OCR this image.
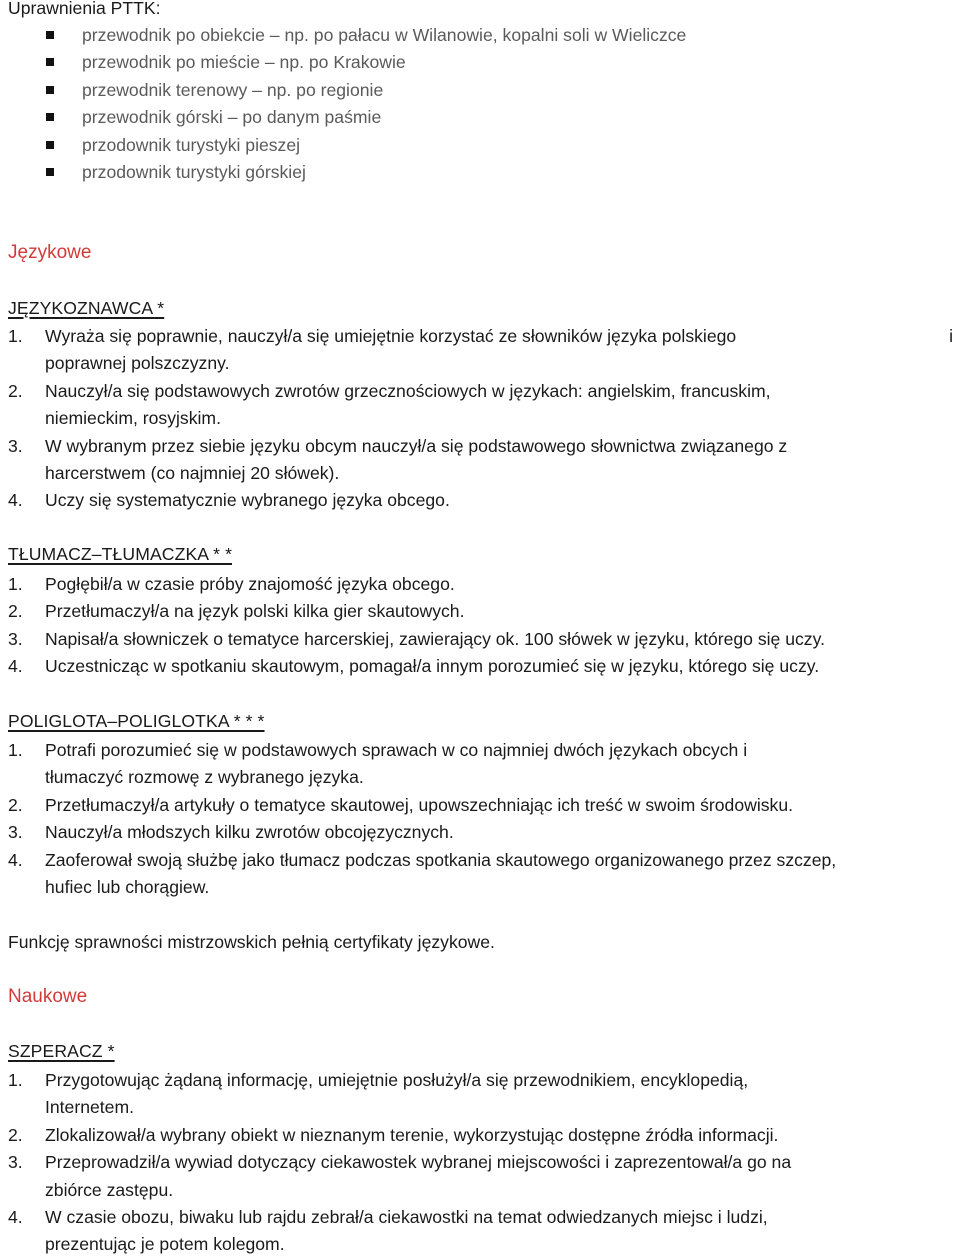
Uprawnienia PTTK:
przewodnik po obiekcie – np. po pałacu w Wilanowie, kopalni soli w Wieliczce
przewodnik po mieście – np. po Krakowie
przewodnik terenowy – np. po regionie
przewodnik górski – po danym paśmie
przodownik turystyki pieszej
przodownik turystyki górskiej
Językowe
JĘZYKOZNAWCA *
1. Wyraża się poprawnie, nauczył/a się umiejętnie korzystać ze słowników języka polskiego	i

poprawnej polszczyzny.
2. Nauczył/a się podstawowych zwrotów grzecznościowych w językach: angielskim, francuskim,
niemieckim, rosyjskim.
3. W wybranym przez siebie języku obcym nauczył/a się podstawowego słownictwa związanego z
harcerstwem (co najmniej 20 słówek).
4. Uczy się systematycznie wybranego języka obcego.
TŁUMACZ–TŁUMACZKA * *
1. Pogłębił/a w czasie próby znajomość języka obcego.
2. Przetłumaczył/a na język polski kilka gier skautowych.
3. Napisał/a słowniczek o tematyce harcerskiej, zawierający ok. 100 słówek w języku, którego się uczy.
4. Uczestnicząc w spotkaniu skautowym, pomagał/a innym porozumieć się w języku, którego się uczy.
POLIGLOTA–POLIGLOTKA * * *
1. Potrafi porozumieć się w podstawowych sprawach w co najmniej dwóch językach obcych i
tłumaczyć rozmowę z wybranego języka.
2. Przetłumaczył/a artykuły o tematyce skautowej, upowszechniając ich treść w swoim środowisku.
3. Nauczył/a młodszych kilku zwrotów obcojęzycznych.
4. Zaoferował swoją służbę jako tłumacz podczas spotkania skautowego organizowanego przez szczep,
hufiec lub chorągiew.
Funkcję sprawności mistrzowskich pełnią certyfikaty językowe.
Naukowe
SZPERACZ *
1. Przygotowując żądaną informację, umiejętnie posłużył/a się przewodnikiem, encyklopedią,
Internetem.
2. Zlokalizował/a wybrany obiekt w nieznanym terenie, wykorzystując dostępne źródła informacji.
3. Przeprowadził/a wywiad dotyczący ciekawostek wybranej miejscowości i zaprezentował/a go na
zbiórce zastępu.
4. W czasie obozu, biwaku lub rajdu zebrał/a ciekawostki na temat odwiedzanych miejsc i ludzi,
prezentując je potem kolegom.
